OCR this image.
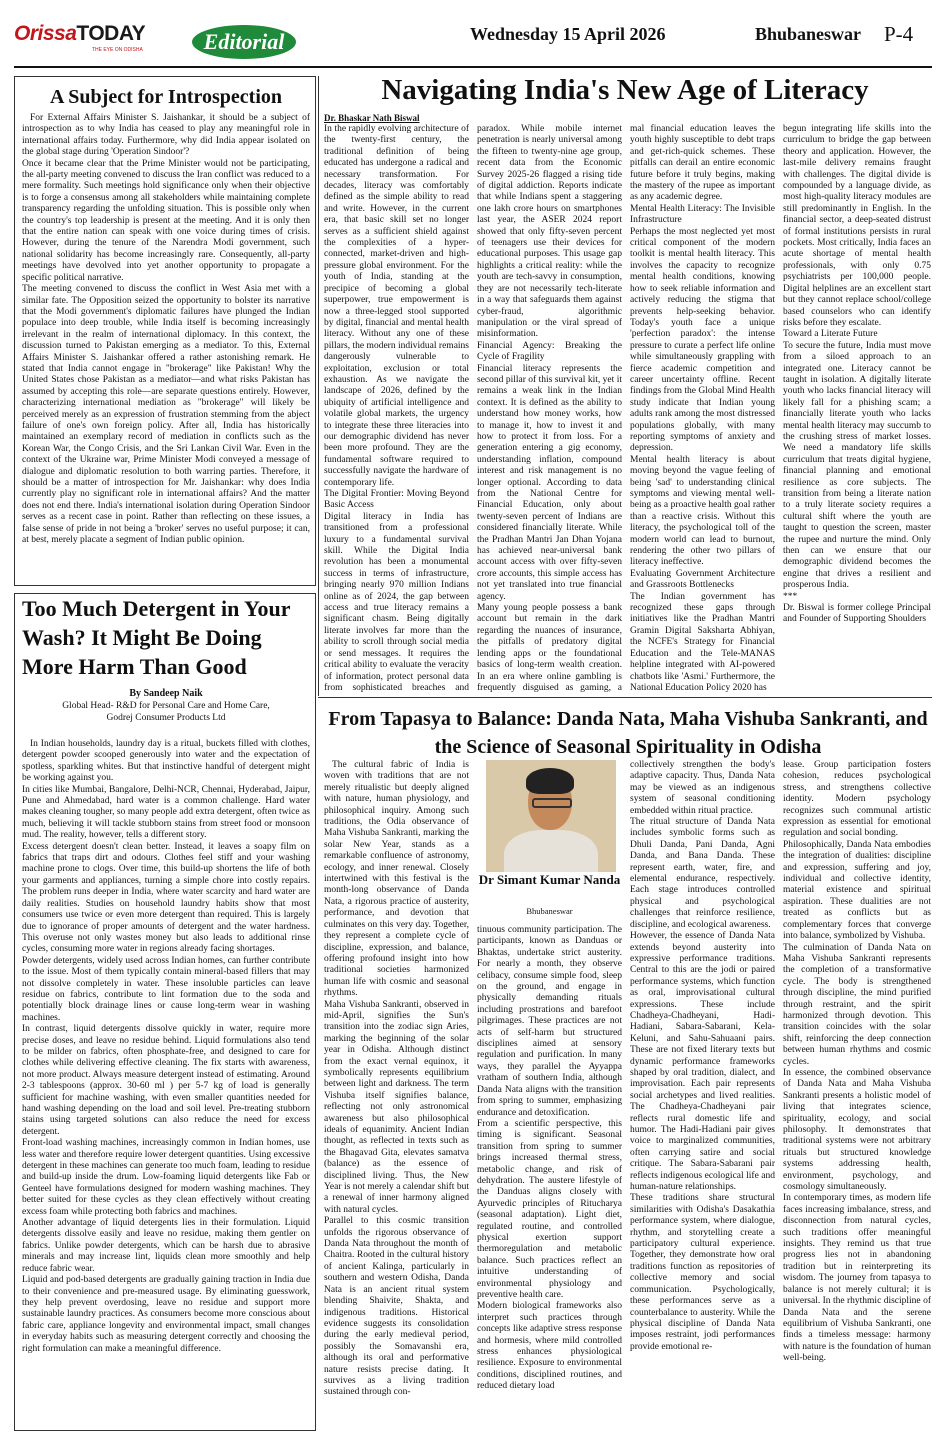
OrissaTODAY
THE EYE ON ODISHA	Editorial	Wednesday 15 April 2026	Bhubaneswar P-4
A Subject for Introspection

For External Affairs Minister S. Jaishankar, it should be a subject of introspection as to why India has ceased to play any meaningful role in international affairs today. Furthermore, why did India appear isolated on the global stage during 'Operation Sindoor'?

Once it became clear that the Prime Minister would not be participating, the all-party meeting convened to discuss the Iran conflict was reduced to a mere formality. Such meetings hold significance only when their objective is to forge a consensus among all stakeholders while maintaining complete transparency regarding the unfolding situation. This is possible only when the country's top leadership is present at the meeting. And it is only then that the entire nation can speak with one voice during times of crisis. However, during the tenure of the Narendra Modi government, such national solidarity has become increasingly rare. Consequently, all-party meetings have devolved into yet another opportunity to propagate a specific political narrative.

The meeting convened to discuss the conflict in West Asia met with a similar fate. The Opposition seized the opportunity to bolster its narrative that the Modi government's diplomatic failures have plunged the Indian populace into deep trouble, while India itself is becoming increasingly irrelevant in the realm of international diplomacy. In this context, the discussion turned to Pakistan emerging as a mediator. To this, External Affairs Minister S. Jaishankar offered a rather astonishing remark. He stated that India cannot engage in "brokerage" like Pakistan! Why the United States chose Pakistan as a mediator—and what risks Pakistan has assumed by accepting this role—are separate questions entirely. However, characterizing international mediation as "brokerage" will likely be perceived merely as an expression of frustration stemming from the abject failure of one's own foreign policy. After all, India has historically maintained an exemplary record of mediation in conflicts such as the Korean War, the Congo Crisis, and the Sri Lankan Civil War. Even in the context of the Ukraine war, Prime Minister Modi conveyed a message of dialogue and diplomatic resolution to both warring parties. Therefore, it should be a matter of introspection for Mr. Jaishankar: why does India currently play no significant role in international affairs? And the matter does not end there. India's international isolation during Operation Sindoor serves as a recent case in point. Rather than reflecting on these issues, a false sense of pride in not being a 'broker' serves no useful purpose; it can, at best, merely placate a segment of Indian public opinion.

Navigating India's New Age of Literacy
Dr. Bhaskar Nath Biswal

In the rapidly evolving architecture of the twenty-first century, the traditional definition of being educated has undergone a radical and necessary transformation. For decades, literacy was comfortably defined as the simple ability to read and write. However, in the current era, that basic skill set no longer serves as a sufficient shield against the complexities of a hyper-connected, market-driven and high-pressure global environment. For the youth of India, standing at the precipice of becoming a global superpower, true empowerment is now a three-legged stool supported by digital, financial and mental health literacy. Without any one of these pillars, the modern individual remains dangerously vulnerable to exploitation, exclusion or total exhaustion. As we navigate the landscape of 2026, defined by the ubiquity of artificial intelligence and volatile global markets, the urgency to integrate these three literacies into our demographic dividend has never been more profound. They are the fundamental software required to successfully navigate the hardware of contemporary life.

The Digital Frontier: Moving Beyond Basic Access

Digital literacy in India has transitioned from a professional luxury to a fundamental survival skill. While the Digital India revolution has been a monumental success in terms of infrastructure, bringing nearly 970 million Indians online as of 2024, the gap between access and true literacy remains a significant chasm. Being digitally literate involves far more than the ability to scroll through social media or send messages. It requires the critical ability to evaluate the veracity of information, protect personal data from sophisticated breaches and

paradox. While mobile internet penetration is nearly universal among the fifteen to twenty-nine age group, recent data from the Economic Survey 2025-26 flagged a rising tide of digital addiction. Reports indicate that while Indians spent a staggering one lakh crore hours on smartphones last year, the ASER 2024 report showed that only fifty-seven percent of teenagers use their devices for educational purposes. This usage gap highlights a critical reality: while the youth are tech-savvy in consumption, they are not necessarily tech-literate in a way that safeguards them against cyber-fraud, algorithmic manipulation or the viral spread of misinformation.

Financial Agency: Breaking the Cycle of Fragility

Financial literacy represents the second pillar of this survival kit, yet it remains a weak link in the Indian context. It is defined as the ability to understand how money works, how to manage it, how to invest it and how to protect it from loss. For a generation entering a gig economy, understanding inflation, compound interest and risk management is no longer optional. According to data from the National Centre for Financial Education, only about twenty-seven percent of Indians are considered financially literate. While the Pradhan Mantri Jan Dhan Yojana has achieved near-universal bank account access with over fifty-seven crore accounts, this simple access has not yet translated into true financial agency.

Many young people possess a bank account but remain in the dark regarding the nuances of insurance, the pitfalls of predatory digital lending apps or the foundational basics of long-term wealth creation. In an era where online gambling is frequently disguised as gaming, a

mal financial education leaves the youth highly susceptible to debt traps and get-rich-quick schemes. These pitfalls can derail an entire economic future before it truly begins, making the mastery of the rupee as important as any academic degree.

Mental Health Literacy: The Invisible Infrastructure

Perhaps the most neglected yet most critical component of the modern toolkit is mental health literacy. This involves the capacity to recognize mental health conditions, knowing how to seek reliable information and actively reducing the stigma that prevents help-seeking behavior. Today's youth face a unique 'perfection paradox': the intense pressure to curate a perfect life online while simultaneously grappling with fierce academic competition and career uncertainty offline. Recent findings from the Global Mind Health study indicate that Indian young adults rank among the most distressed populations globally, with many reporting symptoms of anxiety and depression.

Mental health literacy is about moving beyond the vague feeling of being 'sad' to understanding clinical symptoms and viewing mental well-being as a proactive health goal rather than a reactive crisis. Without this literacy, the psychological toll of the modern world can lead to burnout, rendering the other two pillars of literacy ineffective.

Evaluating Government Architecture and Grassroots Bottlenecks

The Indian government has recognized these gaps through initiatives like the Pradhan Mantri Gramin Digital Saksharta Abhiyan, the NCFE's Strategy for Financial Education and the Tele-MANAS helpline integrated with AI-powered chatbots like 'Asmi.' Furthermore, the National Education Policy 2020 has

begun integrating life skills into the curriculum to bridge the gap between theory and application. However, the last-mile delivery remains fraught with challenges. The digital divide is compounded by a language divide, as most high-quality literacy modules are still predominantly in English. In the financial sector, a deep-seated distrust of formal institutions persists in rural pockets. Most critically, India faces an acute shortage of mental health professionals, with only 0.75 psychiatrists per 100,000 people. Digital helplines are an excellent start but they cannot replace school/college based counselors who can identify risks before they escalate.

Toward a Literate Future

To secure the future, India must move from a siloed approach to an integrated one. Literacy cannot be taught in isolation. A digitally literate youth who lacks financial literacy will likely fall for a phishing scam; a financially literate youth who lacks mental health literacy may succumb to the crushing stress of market losses. We need a mandatory life skills curriculum that treats digital hygiene, financial planning and emotional resilience as core subjects. The transition from being a literate nation to a truly literate society requires a cultural shift where the youth are taught to question the screen, master the rupee and nurture the mind. Only then can we ensure that our demographic dividend becomes the engine that drives a resilient and prosperous India.

***

Dr. Biswal is former college Principal and Founder of Supporting Shoulders

Too Much Detergent in Your Wash? It Might Be Doing More Harm Than Good
By Sandeep Naik
Global Head- R&D for Personal Care and Home Care,
Godrej Consumer Products Ltd

In Indian households, laundry day is a ritual, buckets filled with clothes, detergent powder scooped generously into water and the expectation of spotless, sparkling whites. But that instinctive handful of detergent might be working against you.

In cities like Mumbai, Bangalore, Delhi-NCR, Chennai, Hyderabad, Jaipur, Pune and Ahmedabad, hard water is a common challenge. Hard water makes cleaning tougher, so many people add extra detergent, often twice as much, believing it will tackle stubborn stains from street food or monsoon mud. The reality, however, tells a different story.

Excess detergent doesn't clean better. Instead, it leaves a soapy film on fabrics that traps dirt and odours. Clothes feel stiff and your washing machine prone to clogs. Over time, this build-up shortens the life of both your garments and appliances, turning a simple chore into costly repairs. The problem runs deeper in India, where water scarcity and hard water are daily realities. Studies on household laundry habits show that most consumers use twice or even more detergent than required. This is largely due to ignorance of proper amounts of detergent and the water hardness. This overuse not only wastes money but also leads to additional rinse cycles, consuming more water in regions already facing shortages.

Powder detergents, widely used across Indian homes, can further contribute to the issue. Most of them typically contain mineral-based fillers that may not dissolve completely in water. These insoluble particles can leave residue on fabrics, contribute to lint formation due to the soda and potentially block drainage lines or cause long-term wear in washing machines.

In contrast, liquid detergents dissolve quickly in water, require more precise doses, and leave no residue behind. Liquid formulations also tend to be milder on fabrics, often phosphate-free, and designed to care for clothes while delivering effective cleaning. The fix starts with awareness, not more product. Always measure detergent instead of estimating. Around 2-3 tablespoons (approx. 30-60 ml ) per 5-7 kg of load is generally sufficient for machine washing, with even smaller quantities needed for hand washing depending on the load and soil level. Pre-treating stubborn stains using targeted solutions can also reduce the need for excess detergent.

Front-load washing machines, increasingly common in Indian homes, use less water and therefore require lower detergent quantities. Using excessive detergent in these machines can generate too much foam, leading to residue and build-up inside the drum. Low-foaming liquid detergents like Fab or Genteel have formulations designed for modern washing machines. They better suited for these cycles as they clean effectively without creating excess foam while protecting both fabrics and machines.

Another advantage of liquid detergents lies in their formulation. Liquid detergents dissolve easily and leave no residue, making them gentler on fabrics. Unlike powder detergents, which can be harsh due to abrasive minerals and may increase lint, liquids clean more smoothly and help reduce fabric wear.

Liquid and pod-based detergents are gradually gaining traction in India due to their convenience and pre-measured usage. By eliminating guesswork, they help prevent overdosing, leave no residue and support more sustainable laundry practices. As consumers become more conscious about fabric care, appliance longevity and environmental impact, small changes in everyday habits such as measuring detergent correctly and choosing the right formulation can make a meaningful difference.

From Tapasya to Balance: Danda Nata, Maha Vishuba Sankranti, and the Science of Seasonal Spirituality in Odisha

The cultural fabric of India is woven with traditions that are not merely ritualistic but deeply aligned with nature, human physiology, and philosophical inquiry. Among such traditions, the Odia observance of Maha Vishuba Sankranti, marking the solar New Year, stands as a remarkable confluence of astronomy, ecology, and inner renewal. Closely intertwined with this festival is the month-long observance of Danda Nata, a rigorous practice of austerity, performance, and devotion that culminates on this very day. Together, they represent a complete cycle of discipline, expression, and balance, offering profound insight into how traditional societies harmonized human life with cosmic and seasonal rhythms.

Maha Vishuba Sankranti, observed in mid-April, signifies the Sun's transition into the zodiac sign Aries, marking the beginning of the solar year in Odisha. Although distinct from the exact vernal equinox, it symbolically represents equilibrium between light and darkness. The term Vishuba itself signifies balance, reflecting not only astronomical awareness but also philosophical ideals of equanimity. Ancient Indian thought, as reflected in texts such as the Bhagavad Gita, elevates samatva (balance) as the essence of disciplined living. Thus, the New Year is not merely a calendar shift but a renewal of inner harmony aligned with natural cycles.

Parallel to this cosmic transition unfolds the rigorous observance of Danda Nata throughout the month of Chaitra. Rooted in the cultural history of ancient Kalinga, particularly in southern and western Odisha, Danda Nata is an ancient ritual system blending Shaivite, Shakta, and indigenous traditions. Historical evidence suggests its consolidation during the early medieval period, possibly the Somavanshi era, although its oral and performative nature resists precise dating. It survives as a living tradition sustained through con-

Dr Simant Kumar Nanda
Bhubaneswar

tinuous community participation. The participants, known as Danduas or Bhaktas, undertake strict austerity. For nearly a month, they observe celibacy, consume simple food, sleep on the ground, and engage in physically demanding rituals including prostrations and barefoot pilgrimages. These practices are not acts of self-harm but structured disciplines aimed at sensory regulation and purification. In many ways, they parallel the Ayyappa vratham of southern India, although Danda Nata aligns with the transition from spring to summer, emphasizing endurance and detoxification.

From a scientific perspective, this timing is significant. Seasonal transition from spring to summer brings increased thermal stress, metabolic change, and risk of dehydration. The austere lifestyle of the Danduas aligns closely with Ayurvedic principles of Ritucharya (seasonal adaptation). Light diet, regulated routine, and controlled physical exertion support thermoregulation and metabolic balance. Such practices reflect an intuitive understanding of environmental physiology and preventive health care.

Modern biological frameworks also interpret such practices through concepts like adaptive stress response and hormesis, where mild controlled stress enhances physiological resilience. Exposure to environmental conditions, disciplined routines, and reduced dietary load

collectively strengthen the body's adaptive capacity. Thus, Danda Nata may be viewed as an indigenous system of seasonal conditioning embedded within ritual practice.

The ritual structure of Danda Nata includes symbolic forms such as Dhuli Danda, Pani Danda, Agni Danda, and Bana Danda. These represent earth, water, fire, and elemental endurance, respectively. Each stage introduces controlled physical and psychological challenges that reinforce resilience, discipline, and ecological awareness.

However, the essence of Danda Nata extends beyond austerity into expressive performance traditions. Central to this are the jodi or paired performance systems, which function as oral, improvisational cultural expressions. These include Chadheya-Chadheyani, Hadi-Hadiani, Sabara-Sabarani, Kela-Keluni, and Sahu-Sahuaani pairs. These are not fixed literary texts but dynamic performance frameworks shaped by oral tradition, dialect, and improvisation. Each pair represents social archetypes and lived realities. The Chadheya-Chadheyani pair reflects rural domestic life and humor. The Hadi-Hadiani pair gives voice to marginalized communities, often carrying satire and social critique. The Sabara-Sabarani pair reflects indigenous ecological life and human-nature relationships.

These traditions share structural similarities with Odisha's Dasakathia performance system, where dialogue, rhythm, and storytelling create a participatory cultural experience. Together, they demonstrate how oral traditions function as repositories of collective memory and social communication. Psychologically, these performances serve as a counterbalance to austerity. While the physical discipline of Danda Nata imposes restraint, jodi performances provide emotional re-

lease. Group participation fosters cohesion, reduces psychological stress, and strengthens collective identity. Modern psychology recognizes such communal artistic expression as essential for emotional regulation and social bonding.

Philosophically, Danda Nata embodies the integration of dualities: discipline and expression, suffering and joy, individual and collective identity, material existence and spiritual aspiration. These dualities are not treated as conflicts but as complementary forces that converge into balance, symbolized by Vishuba.

The culmination of Danda Nata on Maha Vishuba Sankranti represents the completion of a transformative cycle. The body is strengthened through discipline, the mind purified through restraint, and the spirit harmonized through devotion. This transition coincides with the solar shift, reinforcing the deep connection between human rhythms and cosmic cycles.

In essence, the combined observance of Danda Nata and Maha Vishuba Sankranti presents a holistic model of living that integrates science, spirituality, ecology, and social philosophy. It demonstrates that traditional systems were not arbitrary rituals but structured knowledge systems addressing health, environment, psychology, and cosmology simultaneously.

In contemporary times, as modern life faces increasing imbalance, stress, and disconnection from natural cycles, such traditions offer meaningful insights. They remind us that true progress lies not in abandoning tradition but in reinterpreting its wisdom. The journey from tapasya to balance is not merely cultural; it is universal. In the rhythmic discipline of Danda Nata and the serene equilibrium of Vishuba Sankranti, one finds a timeless message: harmony with nature is the foundation of human well-being.
